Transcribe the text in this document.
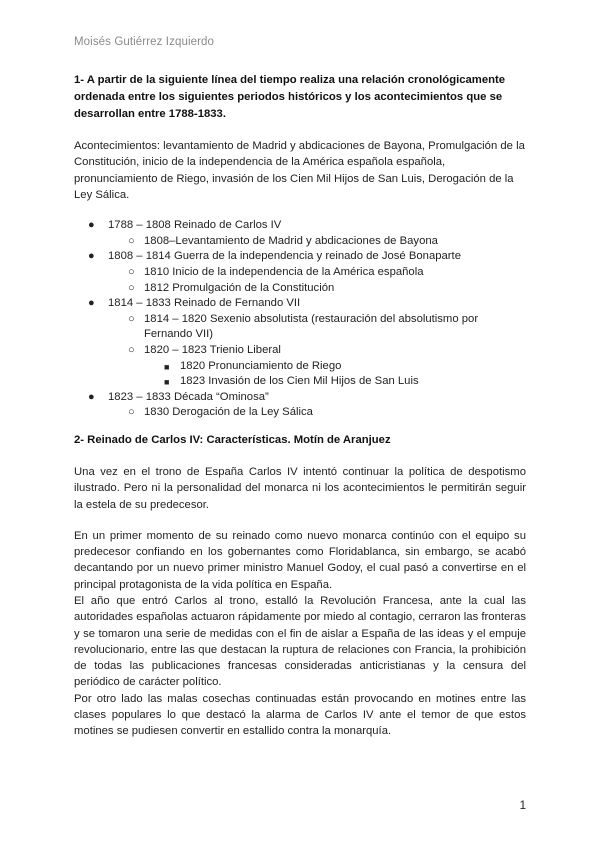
Moisés Gutiérrez Izquierdo

1- A partir de la siguiente línea del tiempo realiza una relación cronológicamente ordenada entre los siguientes periodos históricos y los acontecimientos que se desarrollan entre 1788-1833.

Acontecimientos: levantamiento de Madrid y abdicaciones de Bayona, Promulgación de la Constitución, inicio de la independencia de la América española española, pronunciamiento de Riego, invasión de los Cien Mil Hijos de San Luis, Derogación de la Ley Sálica.

● 1788 – 1808 Reinado de Carlos IV
○ 1808–Levantamiento de Madrid y abdicaciones de Bayona
● 1808 – 1814 Guerra de la independencia y reinado de José Bonaparte
○ 1810 Inicio de la independencia de la América española
○ 1812 Promulgación de la Constitución
● 1814 – 1833 Reinado de Fernando VII
○ 1814 – 1820 Sexenio absolutista (restauración del absolutismo por Fernando VII)
○ 1820 – 1823 Trienio Liberal
■ 1820 Pronunciamiento de Riego
■ 1823 Invasión de los Cien Mil Hijos de San Luis
● 1823 – 1833 Década “Ominosa”
○ 1830 Derogación de la Ley Sálica

2- Reinado de Carlos IV: Características. Motín de Aranjuez

Una vez en el trono de España Carlos IV intentó continuar la política de despotismo ilustrado. Pero ni la personalidad del monarca ni los acontecimientos le permitirán seguir la estela de su predecesor.

En un primer momento de su reinado como nuevo monarca continúo con el equipo su predecesor confiando en los gobernantes como Floridablanca, sin embargo, se acabó decantando por un nuevo primer ministro Manuel Godoy, el cual pasó a convertirse en el principal protagonista de la vida política en España.

El año que entró Carlos al trono, estalló la Revolución Francesa, ante la cual las autoridades españolas actuaron rápidamente por miedo al contagio, cerraron las fronteras y se tomaron una serie de medidas con el fin de aislar a España de las ideas y el empuje revolucionario, entre las que destacan la ruptura de relaciones con Francia, la prohibición de todas las publicaciones francesas consideradas anticristianas y la censura del periódico de carácter político.

Por otro lado las malas cosechas continuadas están provocando en motines entre las clases populares lo que destacó la alarma de Carlos IV ante el temor de que estos motines se pudiesen convertir en estallido contra la monarquía.

1
